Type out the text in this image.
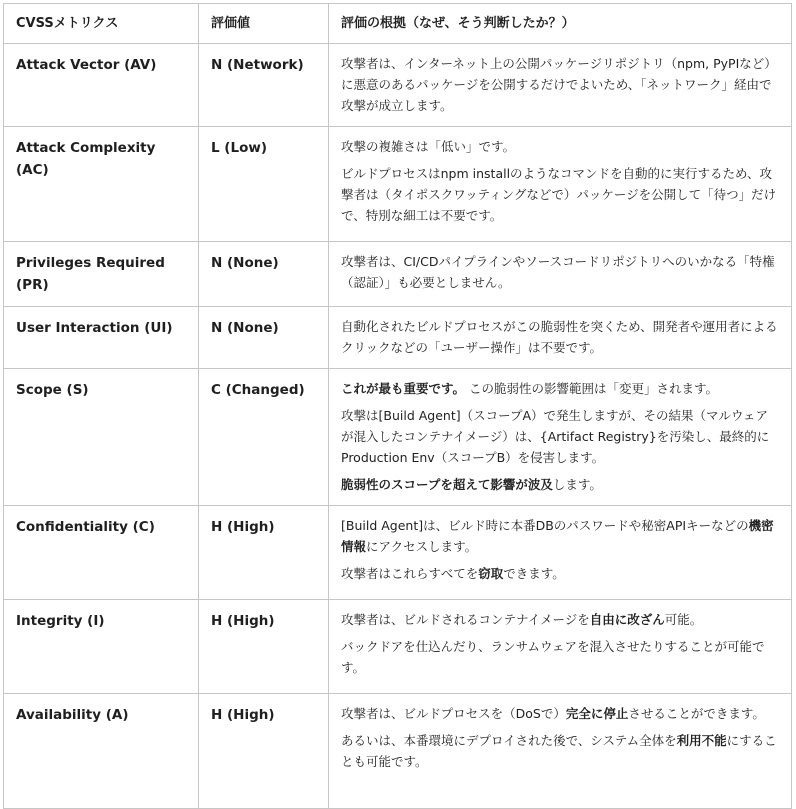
CVSSメトリクス	評価値	評価の根拠（なぜ、そう判断したか？）
Attack Vector (AV)	N (Network)	攻撃者は、インターネット上の公開パッケージリポジトリ（npm, PyPIなど）に悪意のあるパッケージを公開するだけでよいため、「ネットワーク」経由で攻撃が成立します。

Attack Complexity (AC)	L (Low)	攻撃の複雑さは「低い」です。
ビルドプロセスはnpm installのようなコマンドを自動的に実行するため、攻撃者は（タイポスクワッティングなどで）パッケージを公開して「待つ」だけで、特別な細工は不要です。

Privileges Required (PR)	N (None)	攻撃者は、CI/CDパイプラインやソースコードリポジトリへのいかなる「特権（認証）」も必要としません。

User Interaction (UI)	N (None)	自動化されたビルドプロセスがこの脆弱性を突くため、開発者や運用者によるクリックなどの「ユーザー操作」は不要です。

Scope (S)	C (Changed)	これが最も重要です。 この脆弱性の影響範囲は「変更」されます。
攻撃は[Build Agent]（スコープA）で発生しますが、その結果（マルウェアが混入したコンテナイメージ）は、{Artifact Registry}を汚染し、最終的にProduction Env（スコープB）を侵害します。
脆弱性のスコープを超えて影響が波及します。

Confidentiality (C)	H (High)	[Build Agent]は、ビルド時に本番DBのパスワードや秘密APIキーなどの機密情報にアクセスします。
攻撃者はこれらすべてを窃取できます。

Integrity (I)	H (High)	攻撃者は、ビルドされるコンテナイメージを自由に改ざん可能。
バックドアを仕込んだり、ランサムウェアを混入させたりすることが可能です。

Availability (A)	H (High)	攻撃者は、ビルドプロセスを（DoSで）完全に停止させることができます。
あるいは、本番環境にデプロイされた後で、システム全体を利用不能にすることも可能です。
